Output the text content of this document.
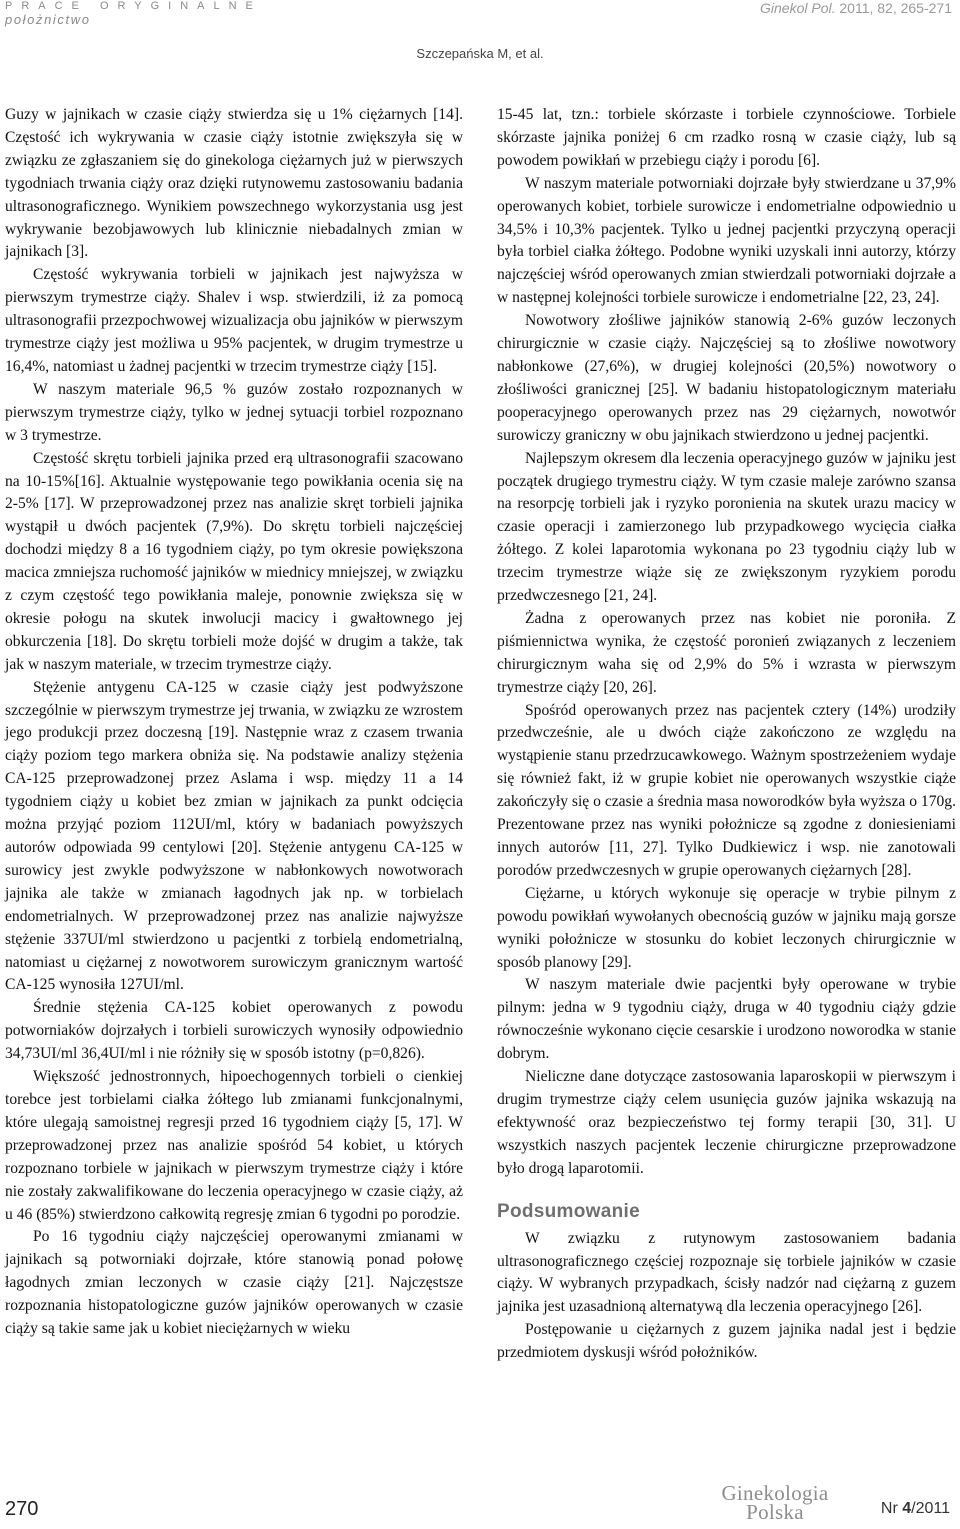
PRACE ORYGINALNE
położnictwo
Ginekol Pol. 2011, 82, 265-271
Szczepańska M, et al.

Guzy w jajnikach w czasie ciąży stwierdza się u 1% ciężarnych [14]. Częstość ich wykrywania w czasie ciąży istotnie zwiększyła się w związku ze zgłaszaniem się do ginekologa ciężarnych już w pierwszych tygodniach trwania ciąży oraz dzięki rutynowemu zastosowaniu badania ultrasonograficznego. Wynikiem powszechnego wykorzystania usg jest wykrywanie bezobjawowych lub klinicznie niebadalnych zmian w jajnikach [3].

Częstość wykrywania torbieli w jajnikach jest najwyższa w pierwszym trymestrze ciąży. Shalev i wsp. stwierdzili, iż za pomocą ultrasonografii przezpochwowej wizualizacja obu jajników w pierwszym trymestrze ciąży jest możliwa u 95% pacjentek, w drugim trymestrze u 16,4%, natomiast u żadnej pacjentki w trzecim trymestrze ciąży [15].

W naszym materiale 96,5 % guzów zostało rozpoznanych w pierwszym trymestrze ciąży, tylko w jednej sytuacji torbiel rozpoznano w 3 trymestrze.

Częstość skrętu torbieli jajnika przed erą ultrasonografii szacowano na 10-15%[16]. Aktualnie występowanie tego powikłania ocenia się na 2-5% [17]. W przeprowadzonej przez nas analizie skręt torbieli jajnika wystąpił u dwóch pacjentek (7,9%). Do skrętu torbieli najczęściej dochodzi między 8 a 16 tygodniem ciąży, po tym okresie powiększona macica zmniejsza ruchomość jajników w miednicy mniejszej, w związku z czym częstość tego powikłania maleje, ponownie zwiększa się w okresie połogu na skutek inwolucji macicy i gwałtownego jej obkurczenia [18]. Do skrętu torbieli może dojść w drugim a także, tak jak w naszym materiale, w trzecim trymestrze ciąży.

Stężenie antygenu CA-125 w czasie ciąży jest podwyższone szczególnie w pierwszym trymestrze jej trwania, w związku ze wzrostem jego produkcji przez doczesną [19]. Następnie wraz z czasem trwania ciąży poziom tego markera obniża się. Na podstawie analizy stężenia CA-125 przeprowadzonej przez Aslama i wsp. między 11 a 14 tygodniem ciąży u kobiet bez zmian w jajnikach za punkt odcięcia można przyjąć poziom 112UI/ml, który w badaniach powyższych autorów odpowiada 99 centylowi [20]. Stężenie antygenu CA-125 w surowicy jest zwykle podwyższone w nabłonkowych nowotworach jajnika ale także w zmianach łagodnych jak np. w torbielach endometrialnych. W przeprowadzonej przez nas analizie najwyższe stężenie 337UI/ml stwierdzono u pacjentki z torbielą endometrialną, natomiast u ciężarnej z nowotworem surowiczym granicznym wartość CA-125 wynosiła 127UI/ml.

Średnie stężenia CA-125 kobiet operowanych z powodu potworniaków dojrzałych i torbieli surowiczych wynosiły odpowiednio 34,73UI/ml 36,4UI/ml i nie różniły się w sposób istotny (p=0,826).

Większość jednostronnych, hipoechogennych torbieli o cienkiej torebce jest torbielami ciałka żółtego lub zmianami funkcjonalnymi, które ulegają samoistnej regresji przed 16 tygodniem ciąży [5, 17]. W przeprowadzonej przez nas analizie spośród 54 kobiet, u których rozpoznano torbiele w jajnikach w pierwszym trymestrze ciąży i które nie zostały zakwalifikowane do leczenia operacyjnego w czasie ciąży, aż u 46 (85%) stwierdzono całkowitą regresję zmian 6 tygodni po porodzie.

Po 16 tygodniu ciąży najczęściej operowanymi zmianami w jajnikach są potworniaki dojrzałe, które stanowią ponad połowę łagodnych zmian leczonych w czasie ciąży [21]. Najczęstsze rozpoznania histopatologiczne guzów jajników operowanych w czasie ciąży są takie same jak u kobiet nieciężarnych w wieku

15-45 lat, tzn.: torbiele skórzaste i torbiele czynnościowe. Torbiele skórzaste jajnika poniżej 6 cm rzadko rosną w czasie ciąży, lub są powodem powikłań w przebiegu ciąży i porodu [6].

W naszym materiale potworniaki dojrzałe były stwierdzane u 37,9% operowanych kobiet, torbiele surowicze i endometrialne odpowiednio u 34,5% i 10,3% pacjentek. Tylko u jednej pacjentki przyczyną operacji była torbiel ciałka żółtego. Podobne wyniki uzyskali inni autorzy, którzy najczęściej wśród operowanych zmian stwierdzali potworniaki dojrzałe a w następnej kolejności torbiele surowicze i endometrialne [22, 23, 24].

Nowotwory złośliwe jajników stanowią 2-6% guzów leczonych chirurgicznie w czasie ciąży. Najczęściej są to złośliwe nowotwory nabłonkowe (27,6%), w drugiej kolejności (20,5%) nowotwory o złośliwości granicznej [25]. W badaniu histopatologicznym materiału pooperacyjnego operowanych przez nas 29 ciężarnych, nowotwór surowiczy graniczny w obu jajnikach stwierdzono u jednej pacjentki.

Najlepszym okresem dla leczenia operacyjnego guzów w jajniku jest początek drugiego trymestru ciąży. W tym czasie maleje zarówno szansa na resorpcję torbieli jak i ryzyko poronienia na skutek urazu macicy w czasie operacji i zamierzonego lub przypadkowego wycięcia ciałka żółtego. Z kolei laparotomia wykonana po 23 tygodniu ciąży lub w trzecim trymestrze wiąże się ze zwiększonym ryzykiem porodu przedwczesnego [21, 24].

Żadna z operowanych przez nas kobiet nie poroniła. Z piśmiennictwa wynika, że częstość poronień związanych z leczeniem chirurgicznym waha się od 2,9% do 5% i wzrasta w pierwszym trymestrze ciąży [20, 26].

Spośród operowanych przez nas pacjentek cztery (14%) urodziły przedwcześnie, ale u dwóch ciąże zakończono ze względu na wystąpienie stanu przedrzucawkowego. Ważnym spostrzeżeniem wydaje się również fakt, iż w grupie kobiet nie operowanych wszystkie ciąże zakończyły się o czasie a średnia masa noworodków była wyższa o 170g. Prezentowane przez nas wyniki położnicze są zgodne z doniesieniami innych autorów [11, 27]. Tylko Dudkiewicz i wsp. nie zanotowali porodów przedwczesnych w grupie operowanych ciężarnych [28].

Ciężarne, u których wykonuje się operacje w trybie pilnym z powodu powikłań wywołanych obecnością guzów w jajniku mają gorsze wyniki położnicze w stosunku do kobiet leczonych chirurgicznie w sposób planowy [29].

W naszym materiale dwie pacjentki były operowane w trybie pilnym: jedna w 9 tygodniu ciąży, druga w 40 tygodniu ciąży gdzie równocześnie wykonano cięcie cesarskie i urodzono noworodka w stanie dobrym.

Nieliczne dane dotyczące zastosowania laparoskopii w pierwszym i drugim trymestrze ciąży celem usunięcia guzów jajnika wskazują na efektywność oraz bezpieczeństwo tej formy terapii [30, 31]. U wszystkich naszych pacjentek leczenie chirurgiczne przeprowadzone było drogą laparotomii.

Podsumowanie

W związku z rutynowym zastosowaniem badania ultrasonograficznego częściej rozpoznaje się torbiele jajników w czasie ciąży. W wybranych przypadkach, ścisły nadzór nad ciężarną z guzem jajnika jest uzasadnioną alternatywą dla leczenia operacyjnego [26].

Postępowanie u ciężarnych z guzem jajnika nadal jest i będzie przedmiotem dyskusji wśród położników.

270
Ginekologia
Polska	Nr 4/2011
